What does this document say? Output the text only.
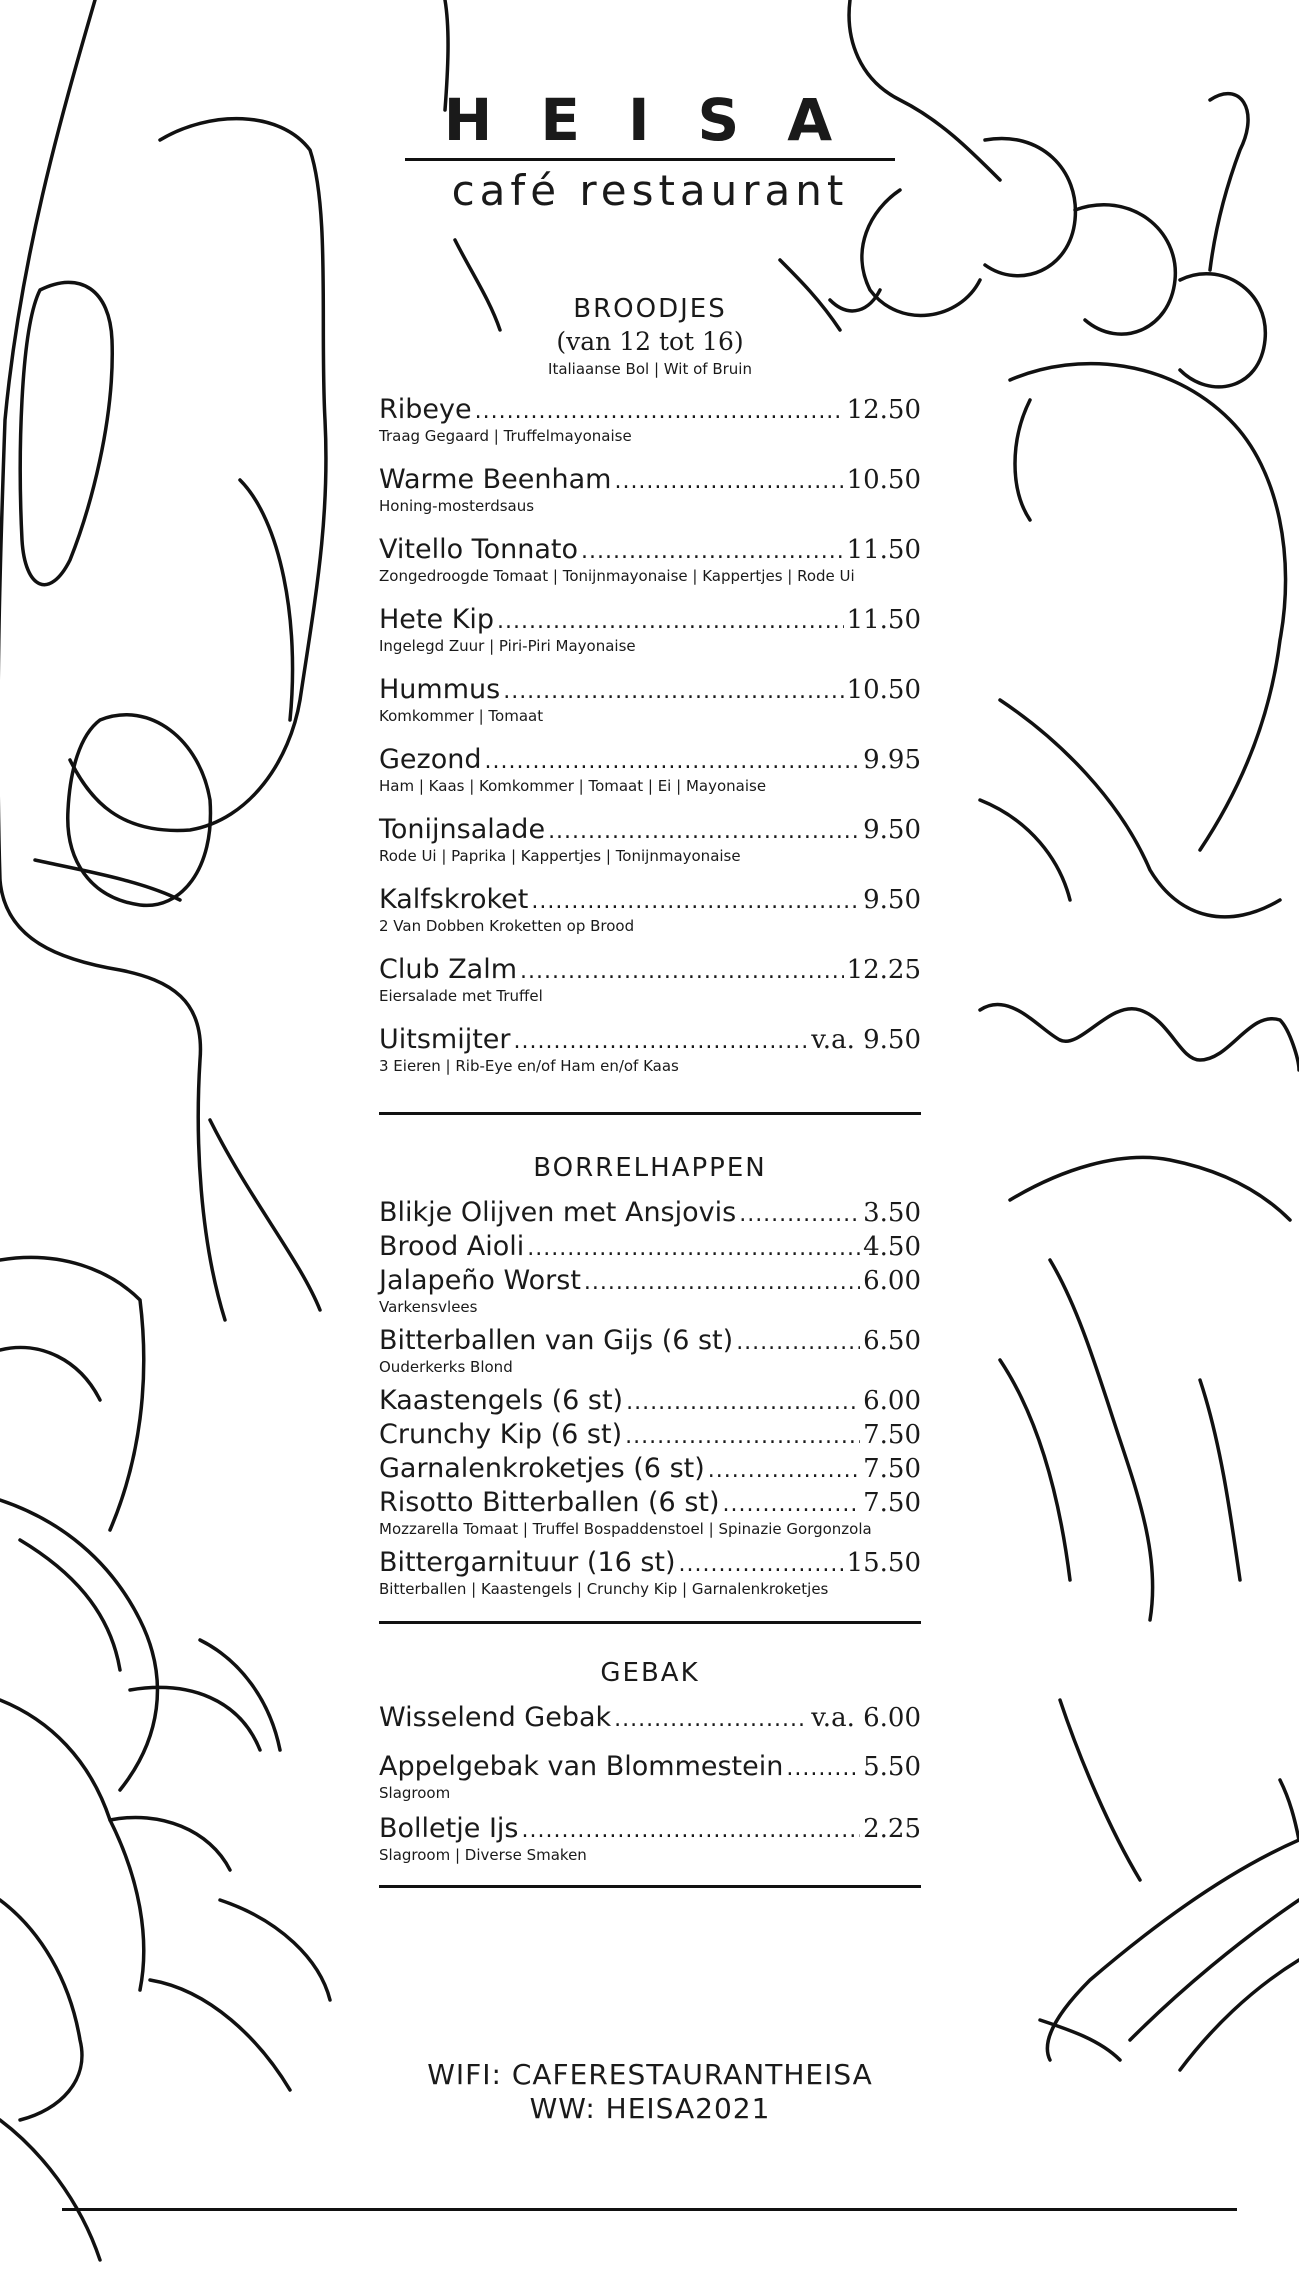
HEISA
café restaurant
BROODJES
(van 12 tot 16)
Italiaanse Bol | Wit of Bruin
Ribeye .....	12.50
Traag Gegaard | Truffelmayonaise
Warme Beenham .....	10.50
Honing-mosterdsaus
Vitello Tonnato .....	11.50
Zongedroogde Tomaat | Tonijnmayonaise | Kappertjes | Rode Ui
Hete Kip .....	11.50
Ingelegd Zuur | Piri-Piri Mayonaise
Hummus .....	10.50
Komkommer | Tomaat
Gezond .....	9.95
Ham | Kaas | Komkommer | Tomaat | Ei | Mayonaise
Tonijnsalade .....	9.50
Rode Ui | Paprika | Kappertjes | Tonijnmayonaise
Kalfskroket .....	9.50
2 Van Dobben Kroketten op Brood
Club Zalm .....	12.25
Eiersalade met Truffel
Uitsmijter .....	v.a. 9.50
3 Eieren | Rib-Eye en/of Ham en/of Kaas
BORRELHAPPEN
Blikje Olijven met Ansjovis .....	3.50
Brood Aioli .....	4.50
Jalapeño Worst .....	6.00
Varkensvlees
Bitterballen van Gijs (6 st) .....	6.50
Ouderkerks Blond
Kaastengels (6 st) .....	6.00
Crunchy Kip (6 st) .....	7.50
Garnalenkroketjes (6 st) .....	7.50
Risotto Bitterballen (6 st) .....	7.50
Mozzarella Tomaat | Truffel Bospaddenstoel | Spinazie Gorgonzola
Bittergarnituur (16 st) .....	15.50
Bitterballen | Kaastengels | Crunchy Kip | Garnalenkroketjes
GEBAK
Wisselend Gebak .....	v.a. 6.00
Appelgebak van Blommestein .....	5.50
Slagroom
Bolletje Ijs .....	2.25
Slagroom | Diverse Smaken
WIFI: CAFERESTAURANTHEISA
WW: HEISA2021
